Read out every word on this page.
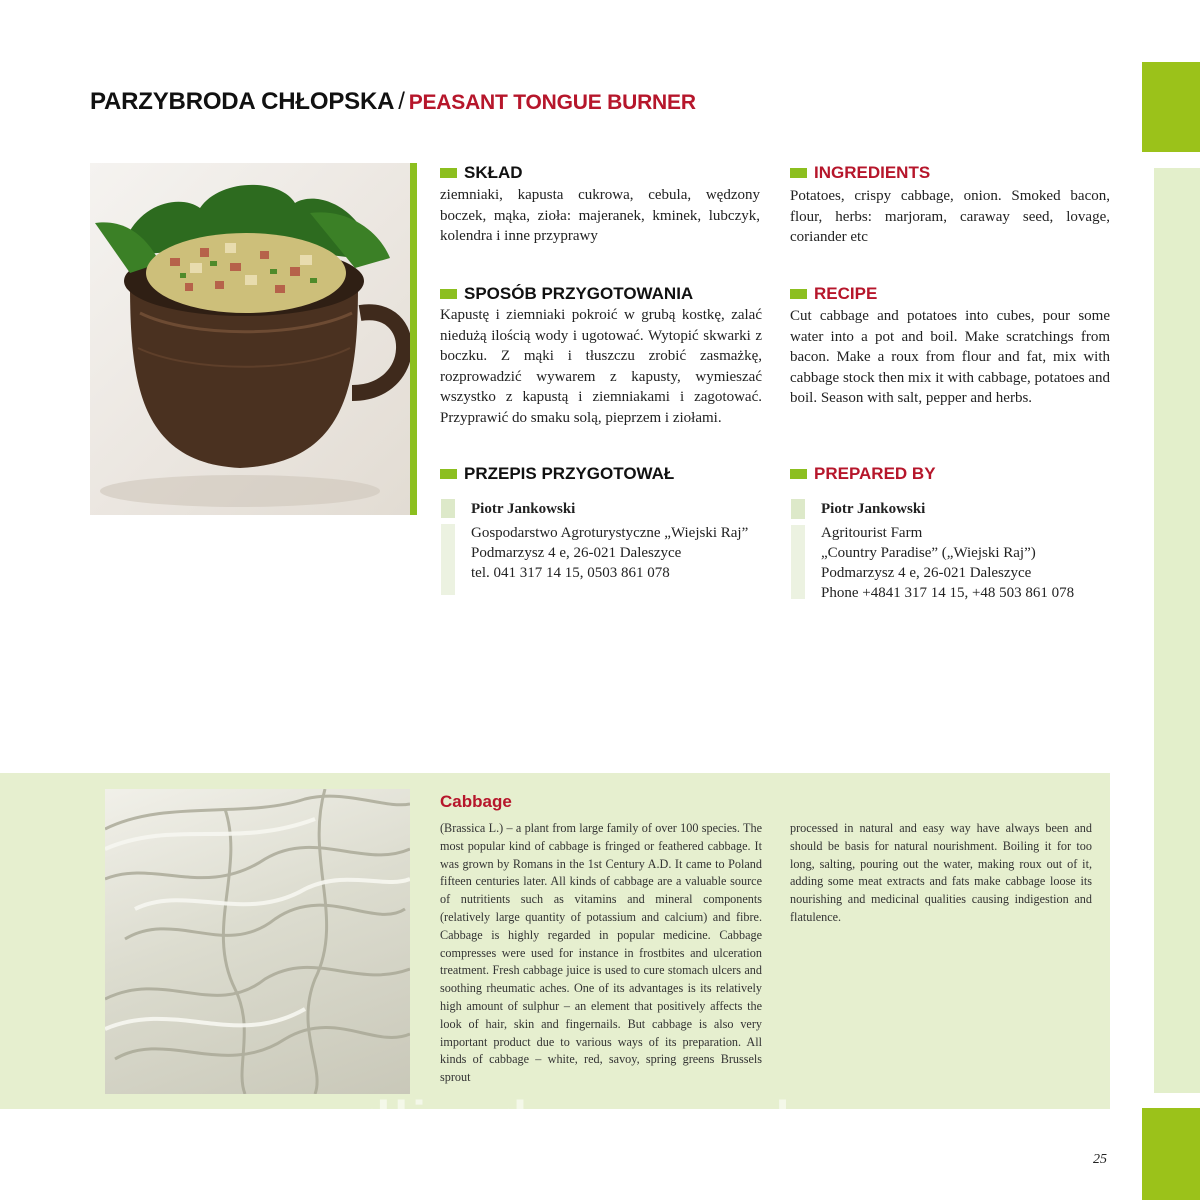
PARZYBRODA CHŁOPSKA / PEASANT TONGUE BURNER
SKŁAD

ziemniaki, kapusta cukrowa, cebula, wędzony boczek, mąka, zioła: majeranek, kminek, lubczyk, kolendra i inne przyprawy

SPOSÓB PRZYGOTOWANIA

Kapustę i ziemniaki pokroić w grubą kostkę, zalać niedużą ilością wody i ugotować. Wytopić skwarki z boczku. Z mąki i tłuszczu zrobić zasmażkę, rozprowadzić wywarem z kapusty, wymieszać wszystko z kapustą i ziemniakami i zagotować. Przyprawić do smaku solą, pieprzem i ziołami.

PRZEPIS PRZYGOTOWAŁ

Piotr Jankowski

Gospodarstwo Agroturystyczne „Wiejski Raj”

Podmarzysz 4 e, 26-021 Daleszyce

tel. 041 317 14 15, 0503 861 078

INGREDIENTS

Potatoes, crispy cabbage, onion. Smoked bacon, flour, herbs: marjoram, caraway seed, lovage, coriander etc

RECIPE

Cut cabbage and potatoes into cubes, pour some water into a pot and boil. Make scratchings from bacon. Make a roux from flour and fat, mix with cabbage stock then mix it with cabbage, potatoes and boil. Season with salt, pepper and herbs.

PREPARED BY

Piotr Jankowski

Agritourist Farm

„Country Paradise” („Wiejski Raj”)

Podmarzysz 4 e, 26-021 Daleszyce

Phone +4841 317 14 15, +48 503 861 078

Cabbage

(Brassica L.) – a plant from large family of over 100 species. The most popular kind of cabbage is fringed or feathered cabbage. It was grown by Romans in the 1st Century A.D. It came to Poland fifteen centuries later. All kinds of cabbage are a valuable source of nutritients such as vitamins and mineral components (relatively large quantity of potassium and calcium) and fibre. Cabbage is highly regarded in popular medicine. Cabbage compresses were used for instance in frostbites and ulceration treatment. Fresh cabbage juice is used to cure stomach ulcers and soothing rheumatic aches. One of its advantages is its relatively high amount of sulphur – an element that positively affects the look of hair, skin and fingernails. But cabbage is also very important product due to various ways of its preparation. All kinds of cabbage – white, red, savoy, spring greens Brussels sprout

processed in natural and easy way have always been and should be basis for natural nourishment. Boiling it for too long, salting, pouring out the water, making roux out of it, adding some meat extracts and fats make cabbage loose its nourishing and medicinal qualities causing indigestion and flatulence.

wedlinydomowe.pl

25
